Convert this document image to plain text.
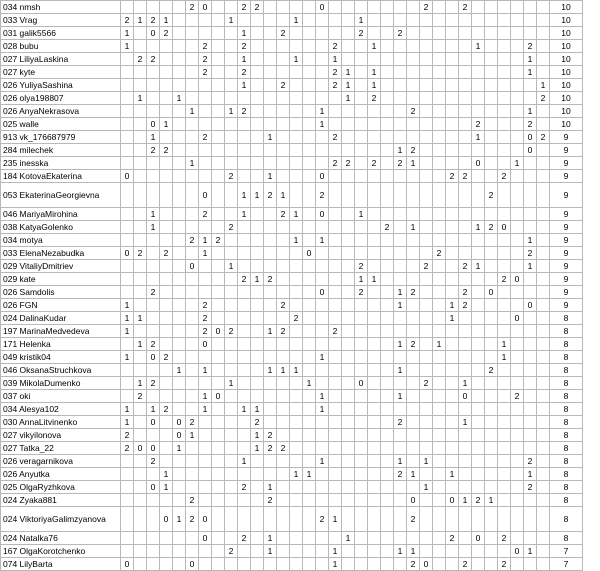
034 nmsh						2	0			2	2					0								2			2							10
033 Vrag	2	1	2	1					1					1					1															10
031 galik5566	1		0	2						1			2						2			2												10
028 bubu	1						2			2							2			1								1				2		10
027 LiliyaLaskina		2	2				2			1				1			1															1		10
027 kyte							2			2							2	1		1												1		10
026 YuliyaSashina										1			2				2	1		1													1	10
026 olya198807		1			1													1		2													2	10
026 AnyaNekrasova						1			1	2						1							2									1		10
025 walle			0	1												1												2				2		10
913 vk_176687979			1				2					1					2											1				0	2	9
284 milechek			2	2																		1	2									0		9
235 inesska						1											2	2		2		2	1					0			1			9
184 KotovaEkaterina	0								2			1				0										2	2			2				9
053 EkaterinaGeorgievna							0			1	1	2	1			2													2					9
046 MariyaMirohina			1				2			1			2	1		0			1															9
038 KatyaGolenko			1						2												2		1					1	2	0				9
034 motya						2	1	2						1		1																1		9
033 ElenaNezabudka	0	2		2			1								0										2							2		9
029 VitaliyDmitriev						0			1										2					2			2	1				1		9
029 kate										2	1	2							1	1										2	0			9
026 Samdolis			2													0			2			1	2				2		0					9
026 FGN	1						2						2									1				1	2					0		9
024 DalinaKudar	1	1					2							2												1					0			8
197 MarinaMedvedeva	1						2	0	2			1	2				2																	8
171 Helenka		1	2				0															1	2		1					1				8
049 kristik04	1		0	2												1														1				8
046 OksanaStruchkova					1		1					1	1	1								1							2					8
039 MikolaDumenko		1	2						1						1				0					2			1							8
037 oki		2					1	0								1						1					0				2			8
034 Alesya102	1		1	2			1			1	1					1																		8
030 AnnaLitvinenko	1		0		0	2					2											2					1							8
027 vikyilonova	2				0	1					1	2																						8
027 Tatka_22	2	0	0		1						1	2	2																					8
026 veragarnikova			2							1						1						1		1								2		8
026 Anyutka				1										1	1							2	1			1						1		8
025 OlgaRyzhkova			0	1						2		1												1								2		8
024 Zyaka881						2						2											0			0	1	2	1					8
024 ViktoriyaGalimzyanova				0	1	2	0									2	1						2											8
024 Natalka76							0			2		1						1								2		0		2				8
167 OlgaKorotchenko									2			1					1					1	1								0	1		7
074 LilyBarta	0					0											1						2	0			2			2				7
